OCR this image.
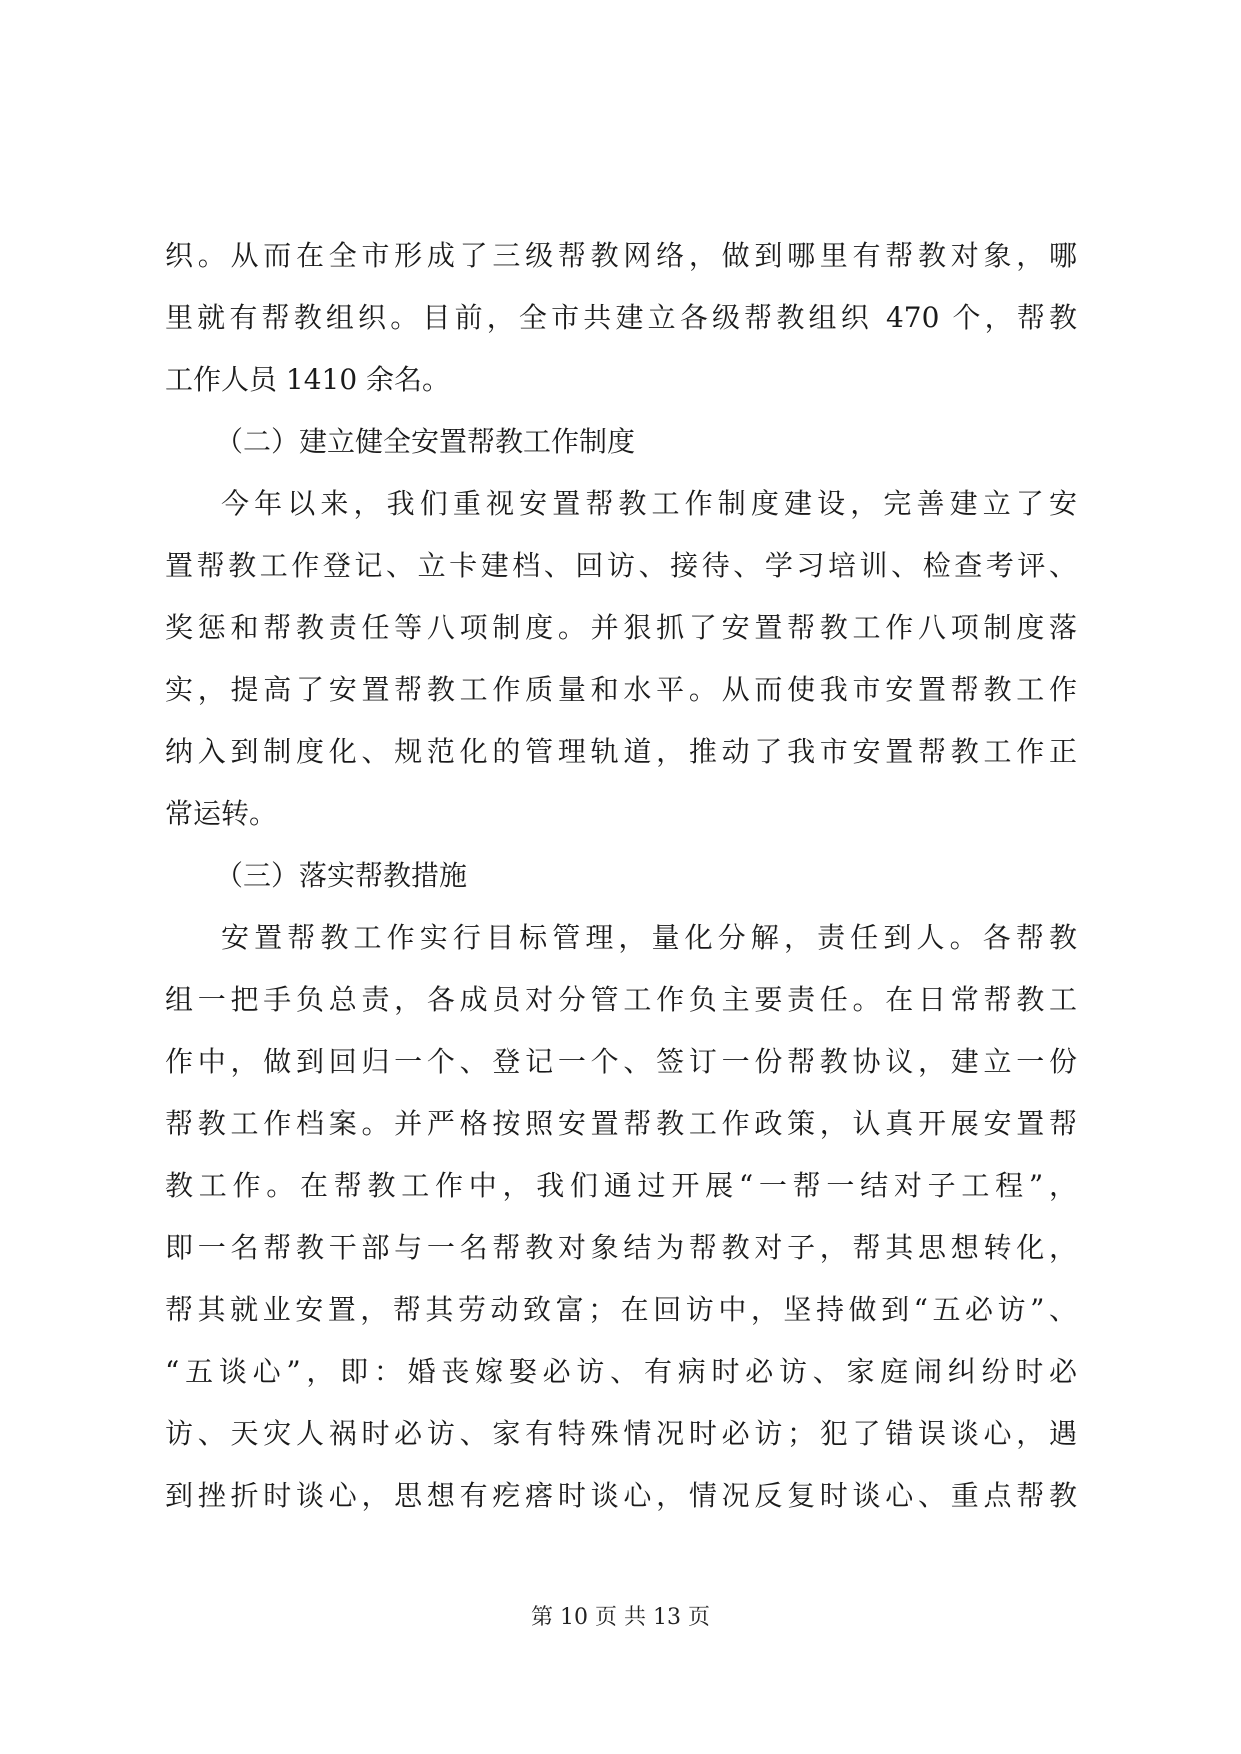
织。从而在全市形成了三级帮教网络，做到哪里有帮教对象，哪
里就有帮教组织。目前，全市共建立各级帮教组织 470 个，帮教
工作人员 1410 余名。
（二）建立健全安置帮教工作制度
今年以来，我们重视安置帮教工作制度建设，完善建立了安
置帮教工作登记、立卡建档、回访、接待、学习培训、检查考评、
奖惩和帮教责任等八项制度。并狠抓了安置帮教工作八项制度落
实，提高了安置帮教工作质量和水平。从而使我市安置帮教工作
纳入到制度化、规范化的管理轨道，推动了我市安置帮教工作正
常运转。
（三）落实帮教措施
安置帮教工作实行目标管理，量化分解，责任到人。各帮教
组一把手负总责，各成员对分管工作负主要责任。在日常帮教工
作中，做到回归一个、登记一个、签订一份帮教协议，建立一份
帮教工作档案。并严格按照安置帮教工作政策，认真开展安置帮
教工作。在帮教工作中，我们通过开展“一帮一结对子工程”，
即一名帮教干部与一名帮教对象结为帮教对子，帮其思想转化，
帮其就业安置，帮其劳动致富；在回访中，坚持做到“五必访”、
“五谈心”，即：婚丧嫁娶必访、有病时必访、家庭闹纠纷时必
访、天灾人祸时必访、家有特殊情况时必访；犯了错误谈心，遇
到挫折时谈心，思想有疙瘩时谈心，情况反复时谈心、重点帮教
第 10 页 共 13 页
